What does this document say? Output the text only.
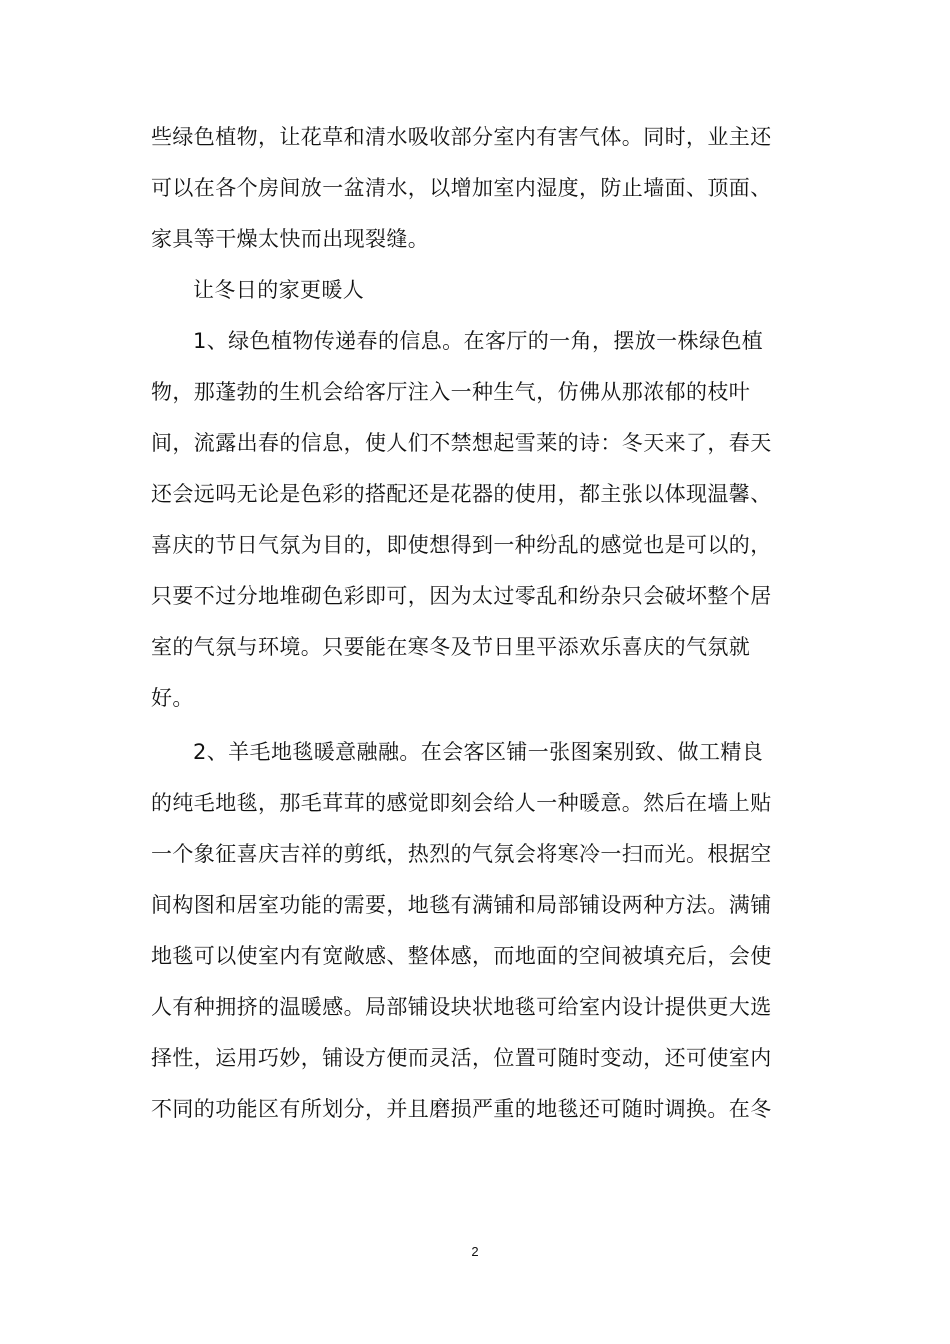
些绿色植物，让花草和清水吸收部分室内有害气体。同时，业主还
可以在各个房间放一盆清水，以增加室内湿度，防止墙面、顶面、
家具等干燥太快而出现裂缝。
让冬日的家更暖人
1、绿色植物传递春的信息。在客厅的一角，摆放一株绿色植
物，那蓬勃的生机会给客厅注入一种生气，仿佛从那浓郁的枝叶
间，流露出春的信息，使人们不禁想起雪莱的诗：冬天来了，春天
还会远吗无论是色彩的搭配还是花器的使用，都主张以体现温馨、
喜庆的节日气氛为目的，即使想得到一种纷乱的感觉也是可以的，
只要不过分地堆砌色彩即可，因为太过零乱和纷杂只会破坏整个居
室的气氛与环境。只要能在寒冬及节日里平添欢乐喜庆的气氛就
好。
2、羊毛地毯暖意融融。在会客区铺一张图案别致、做工精良
的纯毛地毯，那毛茸茸的感觉即刻会给人一种暖意。然后在墙上贴
一个象征喜庆吉祥的剪纸，热烈的气氛会将寒冷一扫而光。根据空
间构图和居室功能的需要，地毯有满铺和局部铺设两种方法。满铺
地毯可以使室内有宽敞感、整体感，而地面的空间被填充后，会使
人有种拥挤的温暖感。局部铺设块状地毯可给室内设计提供更大选
择性，运用巧妙，铺设方便而灵活，位置可随时变动，还可使室内
不同的功能区有所划分，并且磨损严重的地毯还可随时调换。在冬
2
